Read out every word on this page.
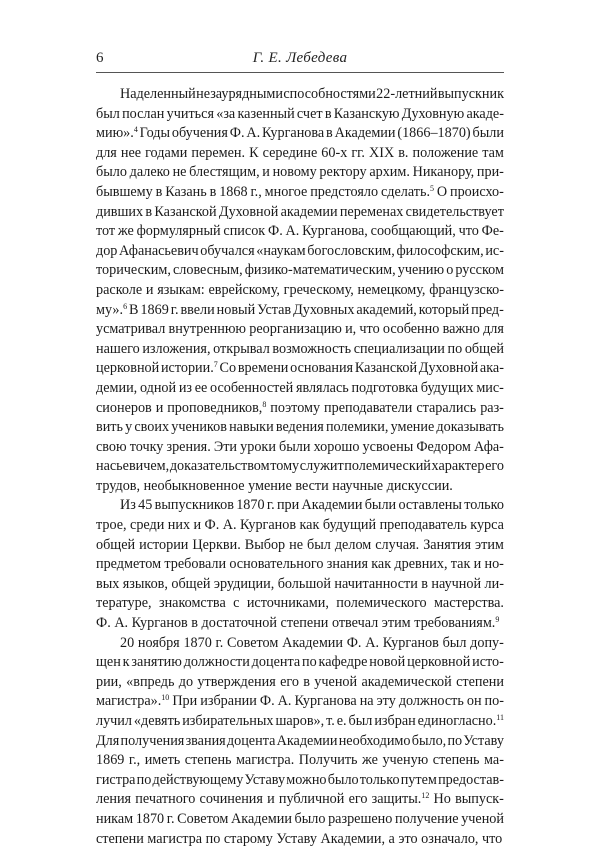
6	Г. Е. Лебедева
Наделенный незаурядными способностями 22-летний выпускник
был послан учиться «за казенный счет в Казанскую Духовную акаде-
мию».$^4$ Годы обучения Ф. А. Курганова в Академии (1866–1870) были
для нее годами перемен. К середине 60-х гг. XIX в. положение там
было далеко не блестящим, и новому ректору архим. Никанору, при-
бывшему в Казань в 1868 г., многое предстояло сделать.$^5$ О происхо-
дивших в Казанской Духовной академии переменах свидетельствует
тот же формулярный список Ф. А. Курганова, сообщающий, что Фе-
дор Афанасьевич обучался «наукам богословским, философским, ис-
торическим, словесным, физико-математическим, учению о русском
расколе и языкам: еврейскому, греческому, немецкому, французско-
му».$^6$ В 1869 г. ввели новый Устав Духовных академий, который пред-
усматривал внутреннюю реорганизацию и, что особенно важно для
нашего изложения, открывал возможность специализации по общей
церковной истории.$^7$ Со времени основания Казанской Духовной ака-
демии, одной из ее особенностей являлась подготовка будущих мис-
сионеров и проповедников,$^8$ поэтому преподаватели старались раз-
вить у своих учеников навыки ведения полемики, умение доказывать
свою точку зрения. Эти уроки были хорошо усвоены Федором Афа-
насьевичем, доказательством тому служит полемический характер его
трудов,
необыкновенное
умение
вести
научные
дискуссии.
Из 45 выпускников 1870 г. при Академии были оставлены только
трое, среди них и Ф. А. Курганов как будущий преподаватель курса
общей истории Церкви. Выбор не был делом случая. Занятия этим
предметом требовали основательного знания как древних, так и но-
вых языков, общей эрудиции, большой начитанности в научной ли-
тературе, знакомства с источниками, полемического мастерства.
Ф.
А.
Курганов
в
достаточной
степени
отвечал
этим
требованиям.$^9$
20 ноября 1870 г. Советом Академии Ф. А. Курганов был допу-
щен к занятию должности доцента по кафедре новой церковной исто-
рии, «впредь до утверждения его в ученой академической степени
магистра».$^{10}$ При избрании Ф. А. Курганова на эту должность он по-
лучил «девять избирательных шаров», т. е. был избран единогласно.$^{11}$
Для получения звания доцента Академии необходимо было, по Уставу
1869 г., иметь степень магистра. Получить же ученую степень ма-
гистра по действующему Уставу можно было только путем предостав-
ления печатного сочинения и публичной его защиты.$^{12}$ Но выпуск-
никам 1870 г. Советом Академии было разрешено получение ученой
степени
магистра
по
старому
Уставу
Академии,
а
это
означало,
что
